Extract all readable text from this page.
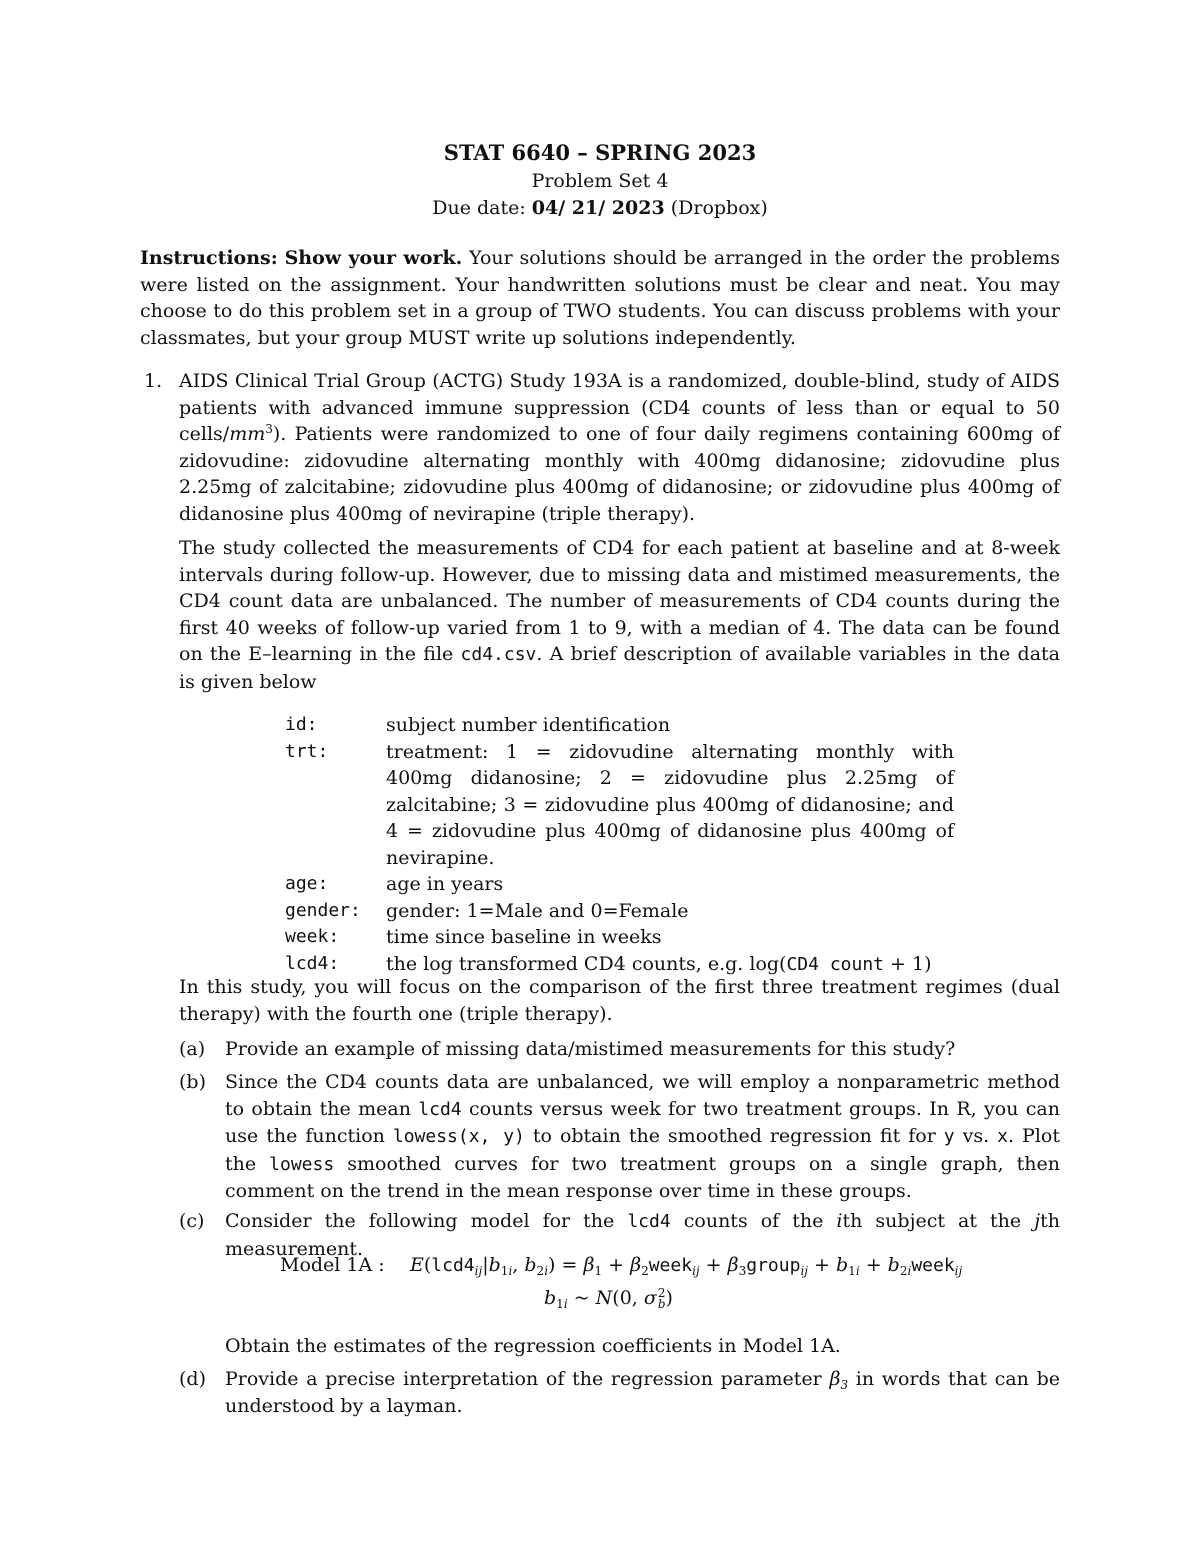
STAT 6640 – SPRING 2023
Problem Set 4
Due date: 04/ 21/ 2023 (Dropbox)
Instructions: Show your work. Your solutions should be arranged in the order the problems were listed on the assignment. Your handwritten solutions must be clear and neat. You may choose to do this problem set in a group of TWO students. You can discuss problems with your classmates, but your group MUST write up solutions independently.
1. AIDS Clinical Trial Group (ACTG) Study 193A is a randomized, double-blind, study of AIDS patients with advanced immune suppression (CD4 counts of less than or equal to 50 cells/$mm^3$). Patients were randomized to one of four daily regimens containing 600mg of zidovudine: zidovudine alternating monthly with 400mg didanosine; zidovudine plus 2.25mg of zalcitabine; zidovudine plus 400mg of didanosine; or zidovudine plus 400mg of didanosine plus 400mg of nevirapine (triple therapy).
The study collected the measurements of CD4 for each patient at baseline and at 8-week intervals during follow-up. However, due to missing data and mistimed measurements, the CD4 count data are unbalanced. The number of measurements of CD4 counts during the first 40 weeks of follow-up varied from 1 to 9, with a median of 4. The data can be found on the E–learning in the file cd4.csv. A brief description of available variables in the data is given below
id:	subject number identification
trt:	treatment: 1 = zidovudine alternating monthly with 400mg didanosine; 2 = zidovudine plus 2.25mg of zalcitabine; 3 = zidovudine plus 400mg of didanosine; and 4 = zidovudine plus 400mg of didanosine plus 400mg of nevirapine.
age:	age in years
gender:	gender: 1=Male and 0=Female
week:	time since baseline in weeks
lcd4:	the log transformed CD4 counts, e.g. log(CD4 count + 1)
In this study, you will focus on the comparison of the first three treatment regimes (dual therapy) with the fourth one (triple therapy).
(a) Provide an example of missing data/mistimed measurements for this study?
(b) Since the CD4 counts data are unbalanced, we will employ a nonparametric method to obtain the mean lcd4 counts versus week for two treatment groups. In R, you can use the function lowess(x, y) to obtain the smoothed regression fit for y vs. x. Plot the lowess smoothed curves for two treatment groups on a single graph, then comment on the trend in the mean response over time in these groups.
(c) Consider the following model for the lcd4 counts of the ith subject at the jth measurement.
Model 1A : $E(lcd4_{ij}|b_{1i}$, $b_{2i}) = \beta_1$ + $\beta_2week_{ij}$ + $\beta_3group_{ij} + b_{1i}$ + $b_{2i}week_{ij}$
$b_{1i}$ ~ N(0, σ2
b)
Obtain the estimates of the regression coefficients in Model 1A.
(d) Provide a precise interpretation of the regression parameter $\beta_3$ in words that can be understood by a layman.
